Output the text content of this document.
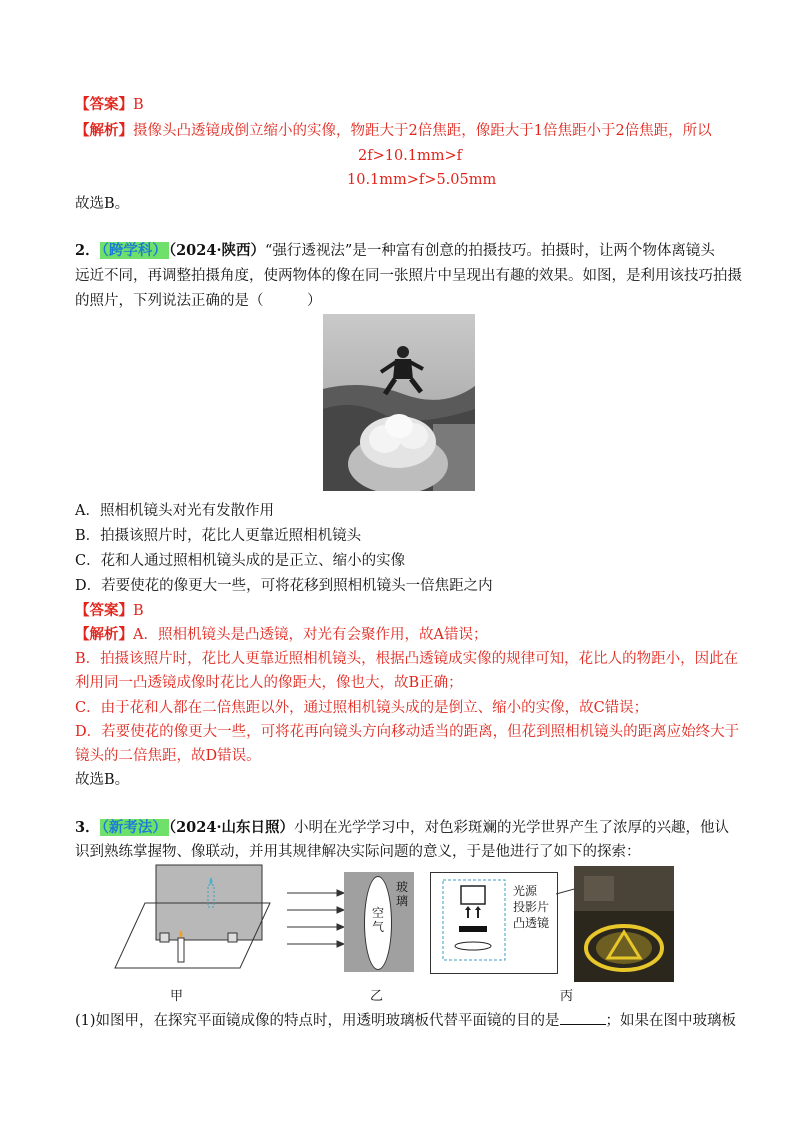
【答案】B
【解析】摄像头凸透镜成倒立缩小的实像，物距大于2倍焦距，像距大于1倍焦距小于2倍焦距，所以
2f>10.1mm>f
10.1mm>f>5.05mm
故选B。
2． （跨学科） （2024·陕西）“强行透视法”是一种富有创意的拍摄技巧。拍摄时，让两个物体离镜头
远近不同，再调整拍摄角度，使两物体的像在同一张照片中呈现出有趣的效果。如图，是利用该技巧拍摄
的照片，下列说法正确的是（　　　）
A．照相机镜头对光有发散作用
B．拍摄该照片时，花比人更靠近照相机镜头
C．花和人通过照相机镜头成的是正立、缩小的实像
D．若要使花的像更大一些，可将花移到照相机镜头一倍焦距之内
【答案】B
【解析】A．照相机镜头是凸透镜，对光有会聚作用，故A错误；
B．拍摄该照片时，花比人更靠近照相机镜头，根据凸透镜成实像的规律可知，花比人的物距小，因此在
利用同一凸透镜成像时花比人的像距大，像也大，故B正确；
C．由于花和人都在二倍焦距以外，通过照相机镜头成的是倒立、缩小的实像，故C错误；
D．若要使花的像更大一些，可将花再向镜头方向移动适当的距离，但花到照相机镜头的距离应始终大于
镜头的二倍焦距，故D错误。
故选B。
3． （新考法） （2024·山东日照）小明在光学学习中，对色彩斑斓的光学世界产生了浓厚的兴趣，他认
识到熟练掌握物、像联动，并用其规律解决实际问题的意义，于是他进行了如下的探索：
空气
玻璃
光源
投影片
凸透镜
甲	乙	丙
(1)如图甲，在探究平面镜成像的特点时，用透明玻璃板代替平面镜的目的是	；如果在图中玻璃板
